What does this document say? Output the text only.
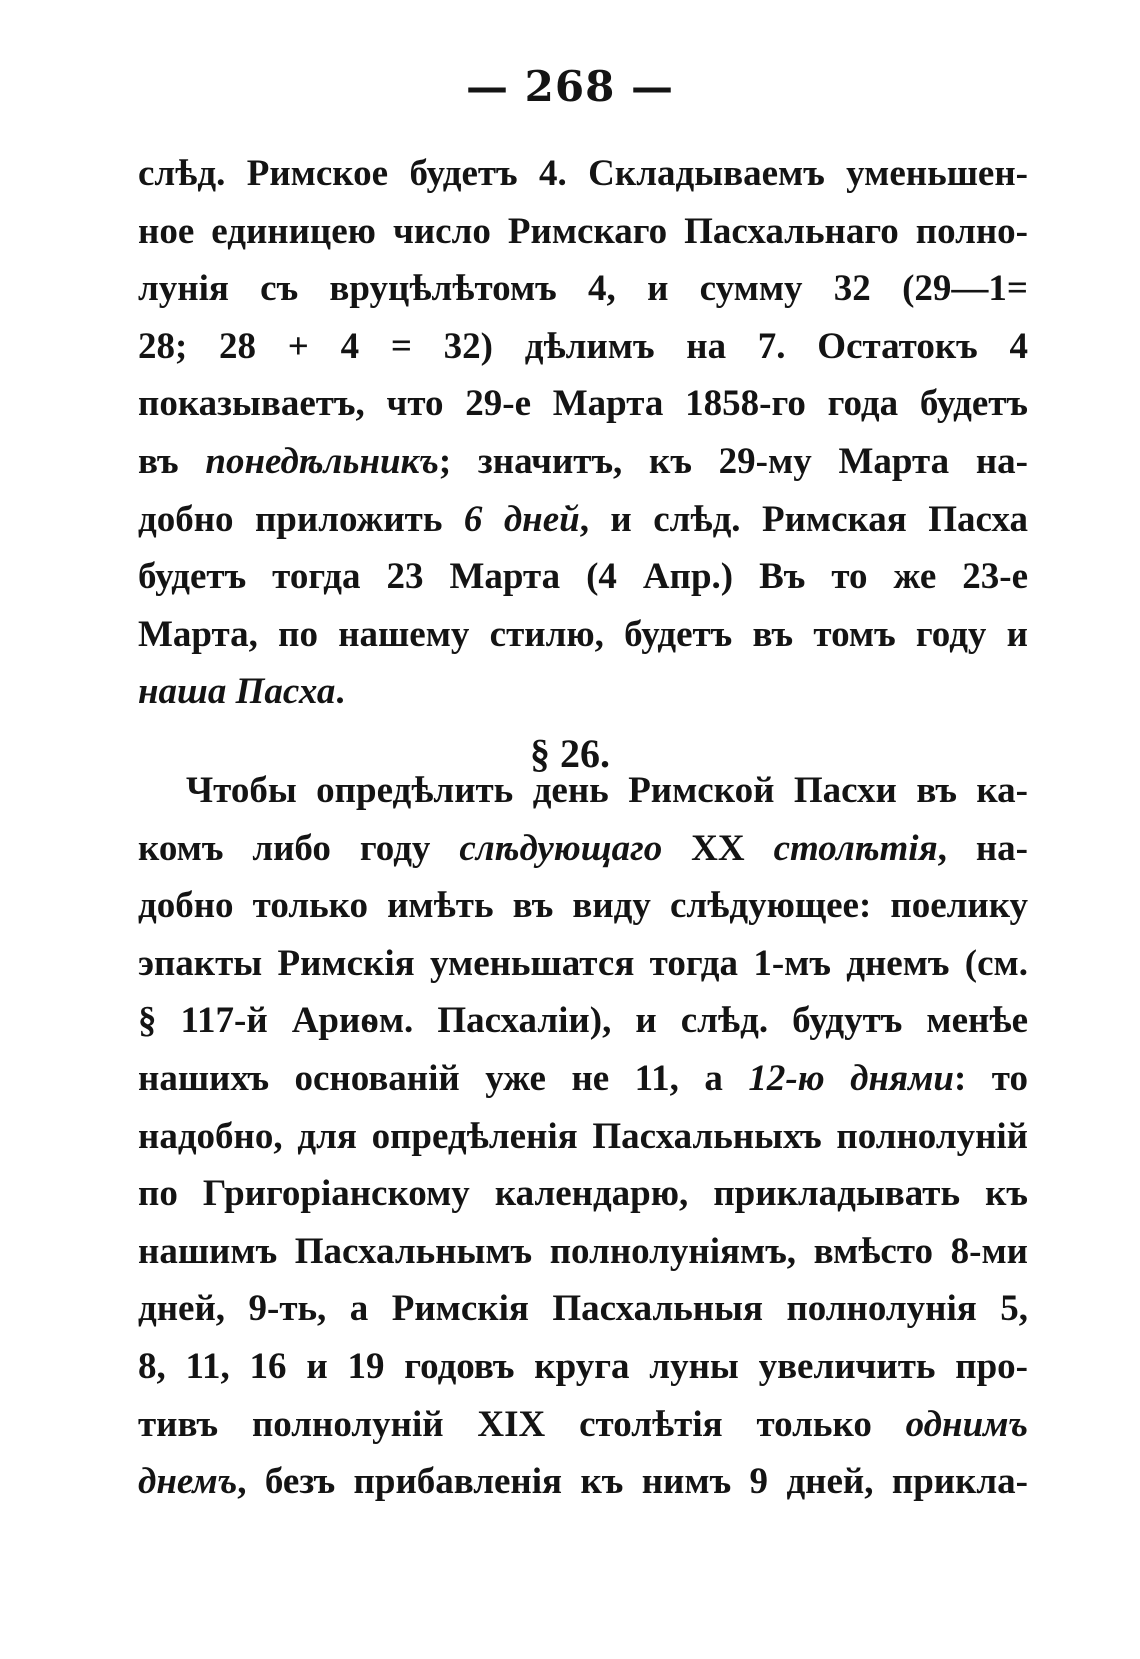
— 268 —
слѣд. Римское будетъ 4. Складываемъ уменьшен-
ное единицею число Римскаго Пасхальнаго полно-
лунія съ вруцѣлѣтомъ 4, и сумму 32 (29—1=
28; 28 + 4 = 32) дѣлимъ на 7. Остатокъ 4
показываетъ, что 29-е Марта 1858-го года будетъ
въ понедѣльникъ; значитъ, къ 29-му Марта на-
добно приложить 6 дней, и слѣд. Римская Пасха
будетъ тогда 23 Марта (4 Апр.) Въ то же 23-е
Марта, по нашему стилю, будетъ въ томъ году и
наша Пасха.
§ 26.
Чтобы опредѣлить день Римской Пасхи въ ка-
комъ либо году слѣдующаго XX столѣтія, на-
добно только имѣть въ виду слѣдующее: поелику
эпакты Римскія уменьшатся тогда 1-мъ днемъ (см.
§ 117-й Ариѳм. Пасхаліи), и слѣд. будутъ менѣе
нашихъ основаній уже не 11, а 12-ю днями: то
надобно, для опредѣленія Пасхальныхъ полнолуній
по Григоріанскому календарю, прикладывать къ
нашимъ Пасхальнымъ полнолуніямъ, вмѣсто 8-ми
дней, 9-ть, а Римскія Пасхальныя полнолунія 5,
8, 11, 16 и 19 годовъ круга луны увеличить про-
тивъ полнолуній XIX столѣтія только однимъ
днемъ, безъ прибавленія къ нимъ 9 дней, прикла-
